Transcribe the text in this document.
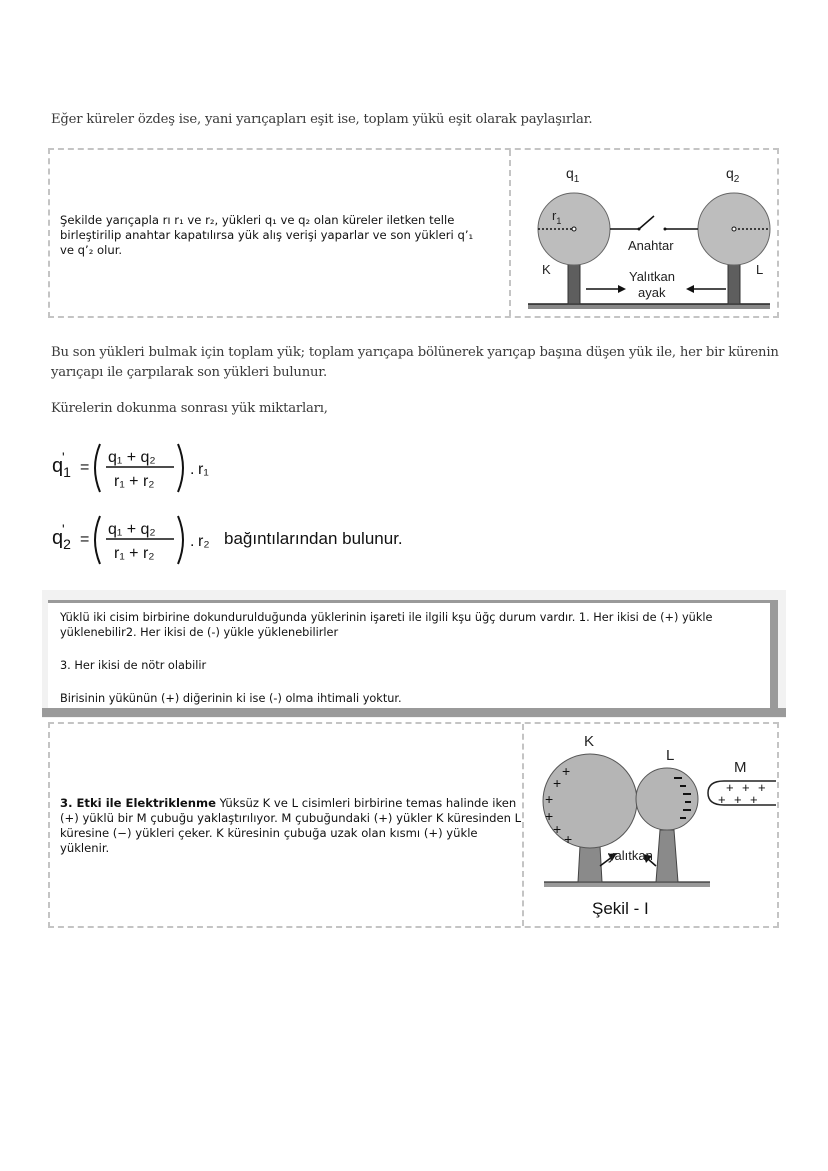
Eğer küreler özdeş ise, yani yarıçapları eşit ise, toplam yükü eşit olarak paylaşırlar.
Şekilde yarıçapla rı r₁ ve r₂, yükleri q₁ ve q₂ olan küreler iletken telle birleştirilip anahtar kapatılırsa yük alış verişi yaparlar ve son yükleri q’₁ ve q’₂ olur.
$q_1$	$q_2$
$r_1$
Anahtar
K	L
Yalıtkan
ayak
Bu son yükleri bulmak için toplam yük; toplam yarıçapa bölünerek yarıçap başına düşen yük ile, her bir kürenin yarıçapı ile çarpılarak son yükleri bulunur.
Kürelerin dokunma sonrası yük miktarları,
$q_1$
'
=
q₁ + q₂
r₁ + r₂
. r₁
$q_2$
'
=
q₁ + q₂
r₁ + r₂
. r₂ bağıntılarından bulunur.

Yüklü iki cisim birbirine dokundurulduğunda yüklerinin işareti ile ilgili kşu üğç durum vardır. 1. Her ikisi de (+) yükle yüklenebilir2. Her ikisi de (-) yükle yüklenebilirler

3. Her ikisi de nötr olabilir

Birisinin yükünün (+) diğerinin ki ise (-) olma ihtimali yoktur.

3. Etki ile Elektriklenme Yüksüz K ve L cisimleri birbirine temas halinde iken (+) yüklü bir M çubuğu yaklaştırılıyor. M çubuğundaki (+) yükler K küresinden L küresine (−) yükleri çeker. K küresinin çubuğa uzak olan kısmı (+) yükle yüklenir.
+
+
+
+
+
+
+ + +
+ + +
K
L
M
yalıtkan
Şekil - I
